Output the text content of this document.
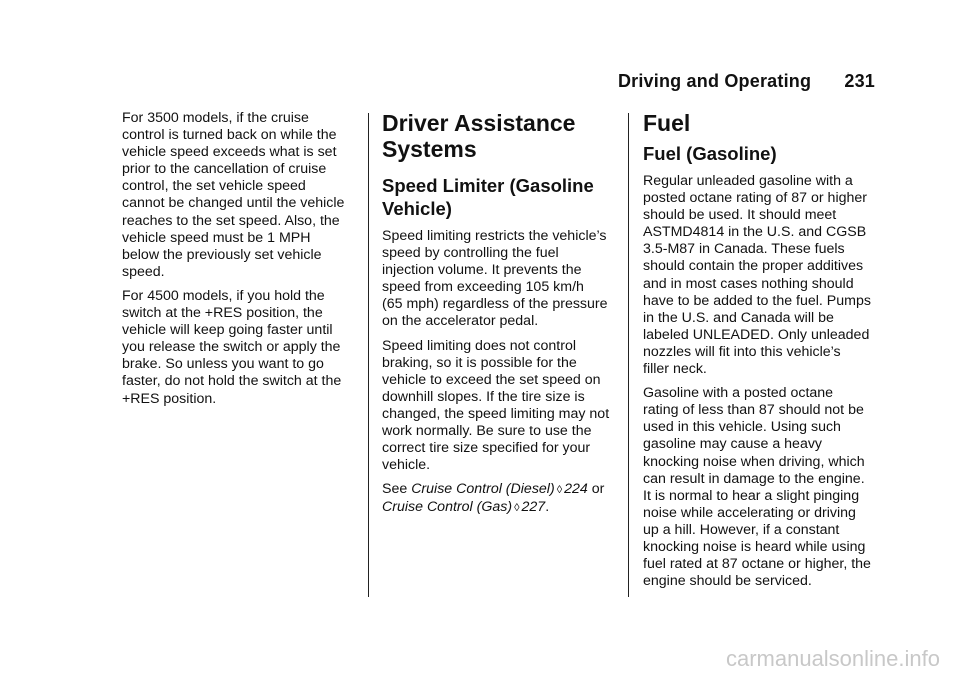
Driving and Operating 231

For 3500 models, if the cruise
control is turned back on while the
vehicle speed exceeds what is set
prior to the cancellation of cruise
control, the set vehicle speed
cannot be changed until the vehicle
reaches to the set speed. Also, the
vehicle speed must be 1 MPH
below the previously set vehicle
speed.

For 4500 models, if you hold the
switch at the +RES position, the
vehicle will keep going faster until
you release the switch or apply the
brake. So unless you want to go
faster, do not hold the switch at the
+RES position.

Driver Assistance
Systems
Speed Limiter (Gasoline
Vehicle)

Speed limiting restricts the vehicle’s
speed by controlling the fuel
injection volume. It prevents the
speed from exceeding 105 km/h
(65 mph) regardless of the pressure
on the accelerator pedal.

Speed limiting does not control
braking, so it is possible for the
vehicle to exceed the set speed on
downhill slopes. If the tire size is
changed, the speed limiting may not
work normally. Be sure to use the
correct tire size specified for your
vehicle.

See Cruise Control (Diesel) ◊ 224 or
Cruise Control (Gas) ◊ 227.

Fuel
Fuel (Gasoline)

Regular unleaded gasoline with a
posted octane rating of 87 or higher
should be used. It should meet
ASTMD4814 in the U.S. and CGSB
3.5-M87 in Canada. These fuels
should contain the proper additives
and in most cases nothing should
have to be added to the fuel. Pumps
in the U.S. and Canada will be
labeled UNLEADED. Only unleaded
nozzles will fit into this vehicle’s
filler neck.

Gasoline with a posted octane
rating of less than 87 should not be
used in this vehicle. Using such
gasoline may cause a heavy
knocking noise when driving, which
can result in damage to the engine.
It is normal to hear a slight pinging
noise while accelerating or driving
up a hill. However, if a constant
knocking noise is heard while using
fuel rated at 87 octane or higher, the
engine should be serviced.

carmanualsonline.info
